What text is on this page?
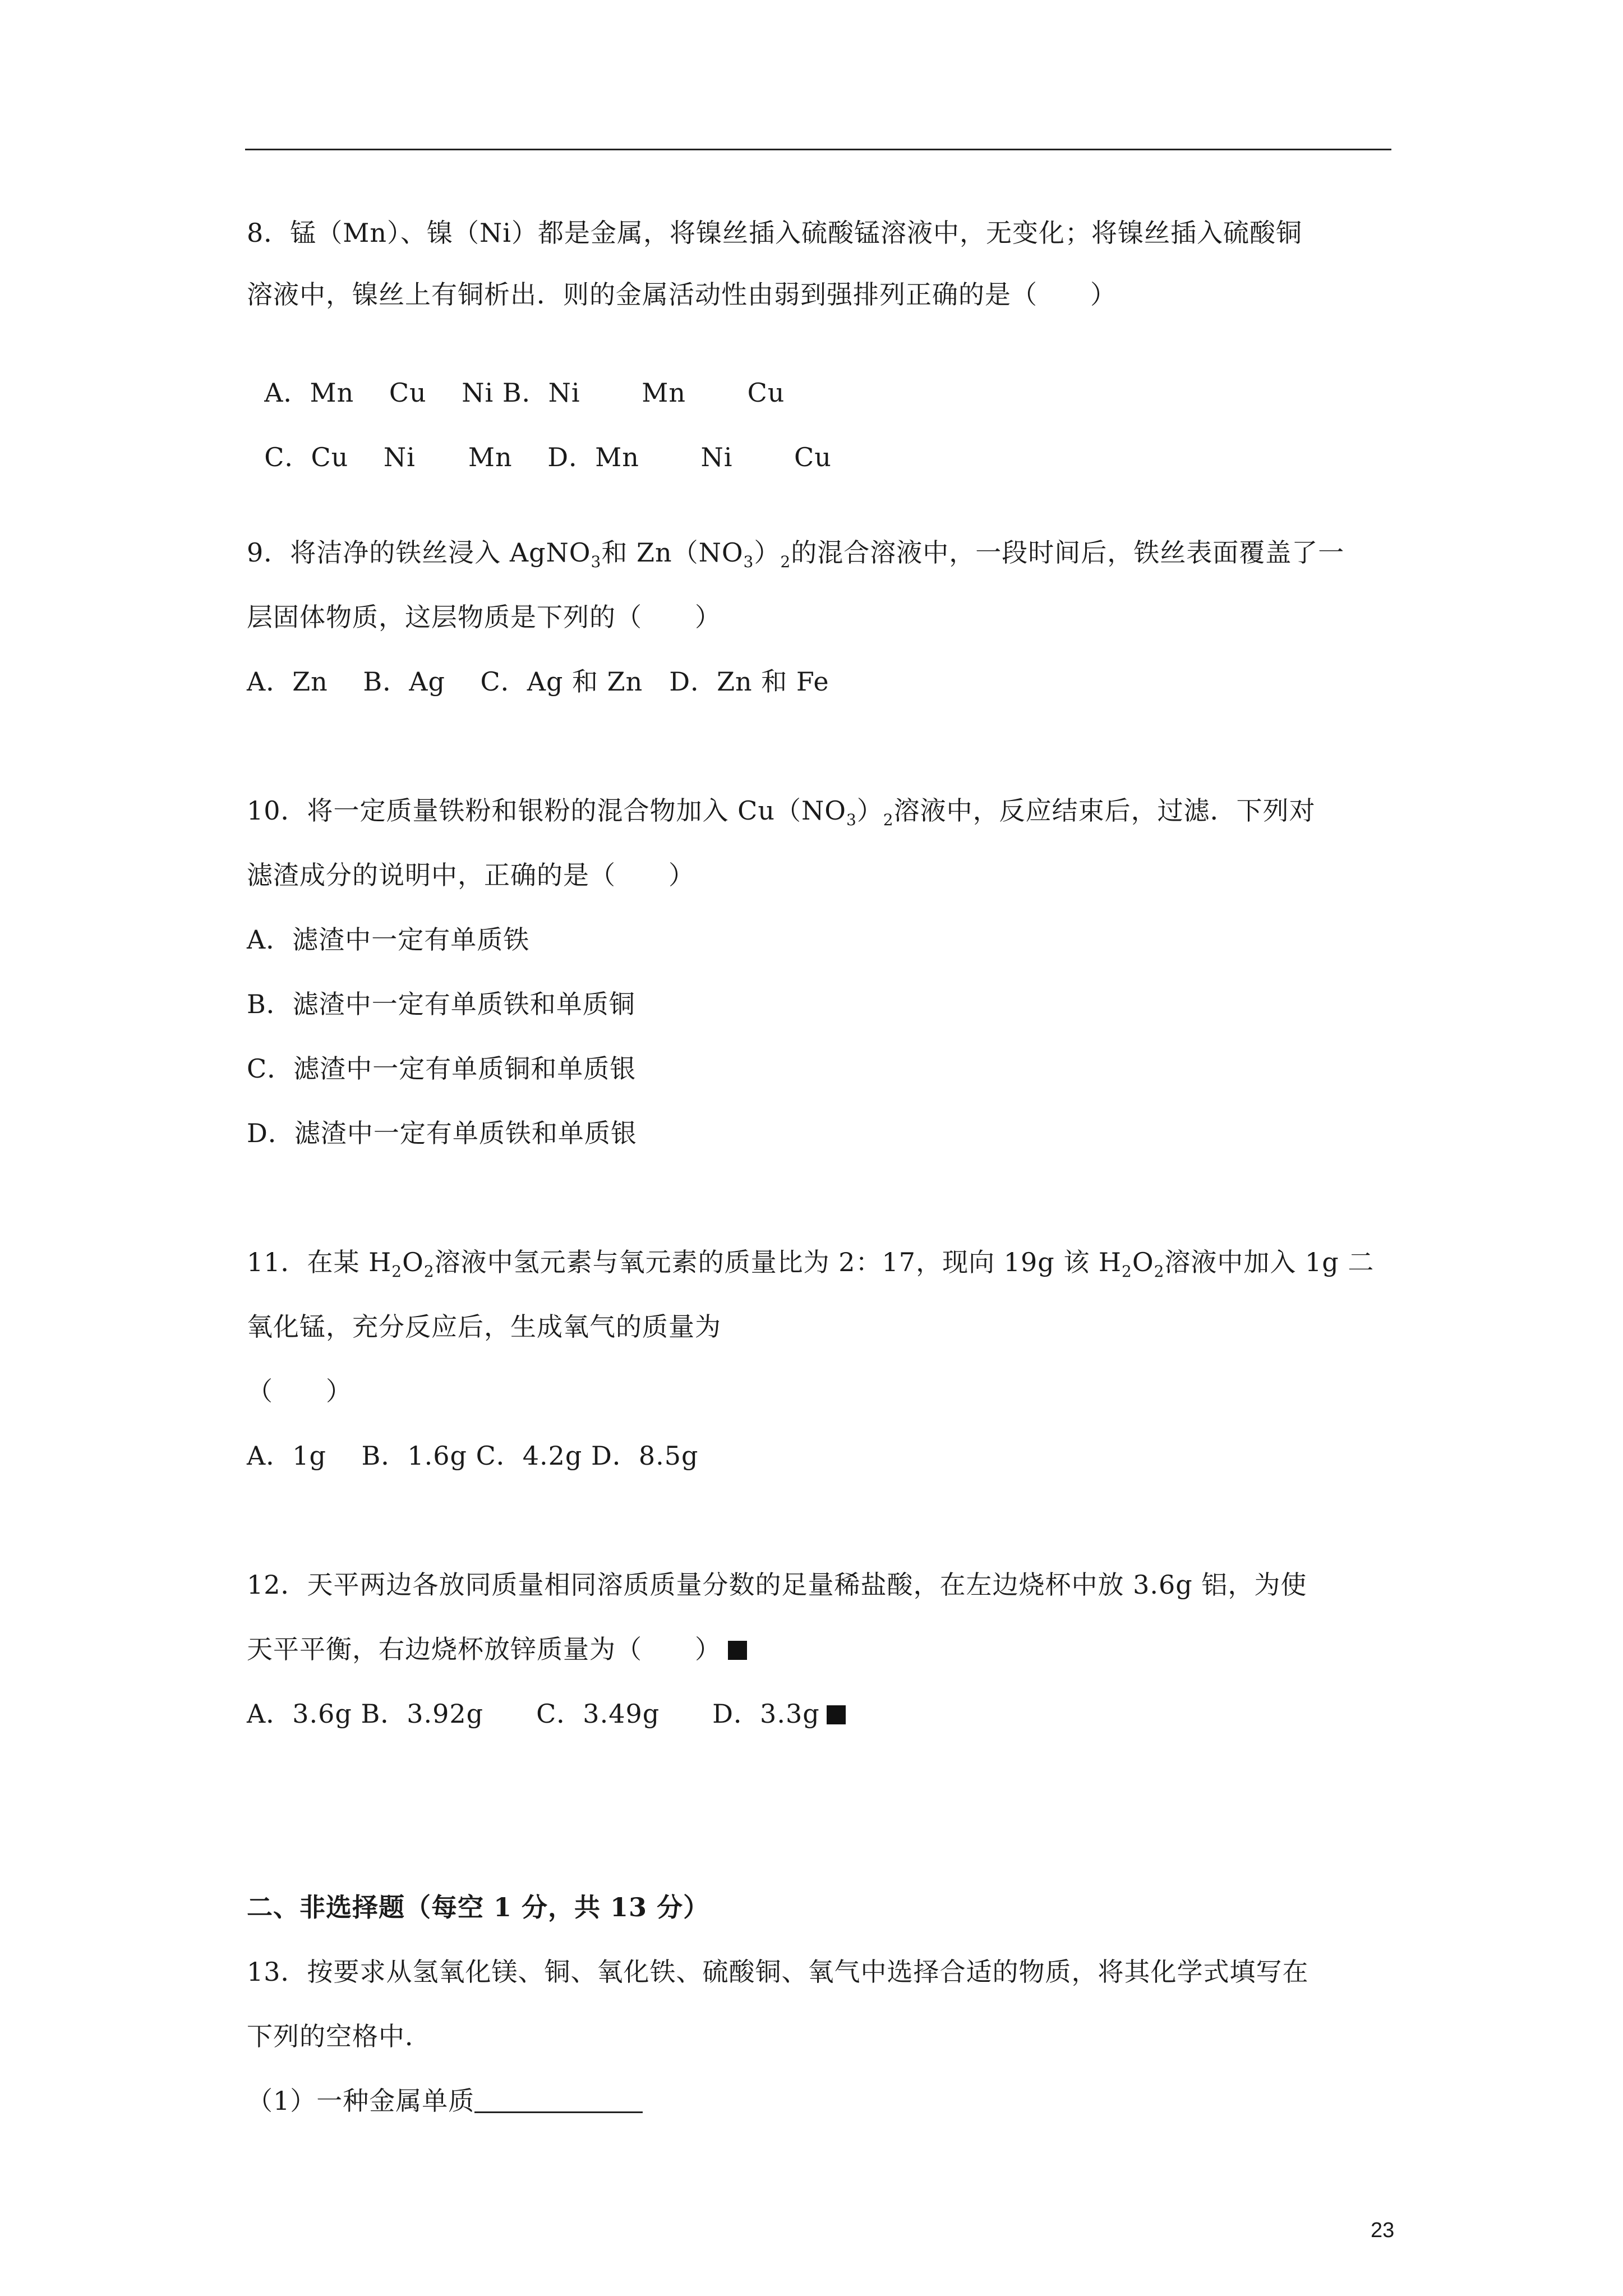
8．锰（Mn）、镍（Ni）都是金属，将镍丝插入硫酸锰溶液中，无变化；将镍丝插入硫酸铜
溶液中，镍丝上有铜析出．则的金属活动性由弱到强排列正确的是（　　）

A．Mn　 Cu　 Ni B．Ni　　 Mn　　 Cu

C．Cu　 Ni　　Mn　 D．Mn　　 Ni　　 Cu

9．将洁净的铁丝浸入 AgNO$_3$和 $Zn(NO_3)_2$的混合溶液中，一段时间后，铁丝表面覆盖了一
层固体物质，这层物质是下列的（　　）
A．Zn　 B．Ag　 C．Ag 和 Zn　D．Zn 和 Fe
10．将一定质量铁粉和银粉的混合物加入 $Cu(NO_3)_2$溶液中，反应结束后，过滤．下列对
滤渣成分的说明中，正确的是（　　）
A．滤渣中一定有单质铁
B．滤渣中一定有单质铁和单质铜
C．滤渣中一定有单质铜和单质银
D．滤渣中一定有单质铁和单质银
11．在某 $H_2O_2$溶液中氢元素与氧元素的质量比为 2：17，现向 19g 该 $H_2O_2$溶液中加入 1g 二
氧化锰，充分反应后，生成氧气的质量为
（　　）
A．1g　 B．1.6g C．4.2g D．8.5g
12．天平两边各放同质量相同溶质质量分数的足量稀盐酸，在左边烧杯中放 3.6g 铝，为使
天平平衡，右边烧杯放锌质量为（　　）
A．3.6g B．3.92g　　C．3.49g　　D．3.3g
二、非选择题（每空 1 分，共 13 分）
13．按要求从氢氧化镁、铜、氧化铁、硫酸铜、氧气中选择合适的物质，将其化学式填写在
下列的空格中．
（1）一种金属单质
23
